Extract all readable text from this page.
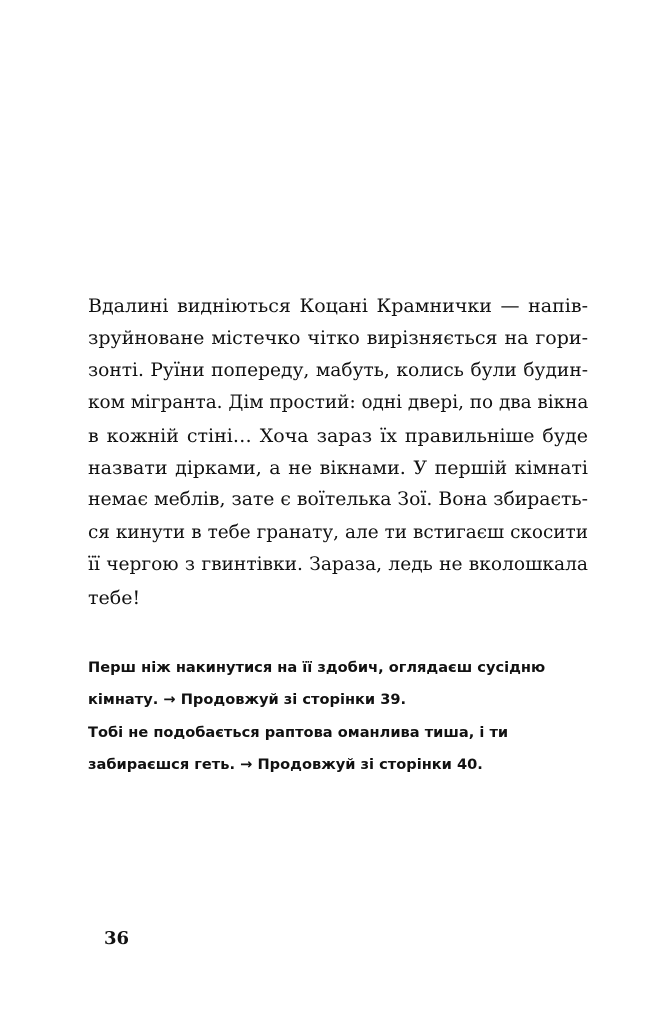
Вдалині видніються Коцані Крамнички — напів-
зруйноване містечко чітко вирізняється на гори-
зонті. Руїни попереду, мабуть, колись були будин-
ком мігранта. Дім простий: одні двері, по два вікна
в кожній стіні… Хоча зараз їх правильніше буде
назвати дірками, а не вікнами. У першій кімнаті
немає меблів, зате є воїтелька Зої. Вона збираєть-
ся кинути в тебе гранату, але ти встигаєш скосити
її чергою з гвинтівки. Зараза, ледь не вколошкала
тебе!
Перш ніж накинутися на її здобич, оглядаєш сусідню
кімнату. → Продовжуй зі сторінки 39.
Тобі не подобається раптова оманлива тиша, і ти
забираєшся геть. → Продовжуй зі сторінки 40.
36
